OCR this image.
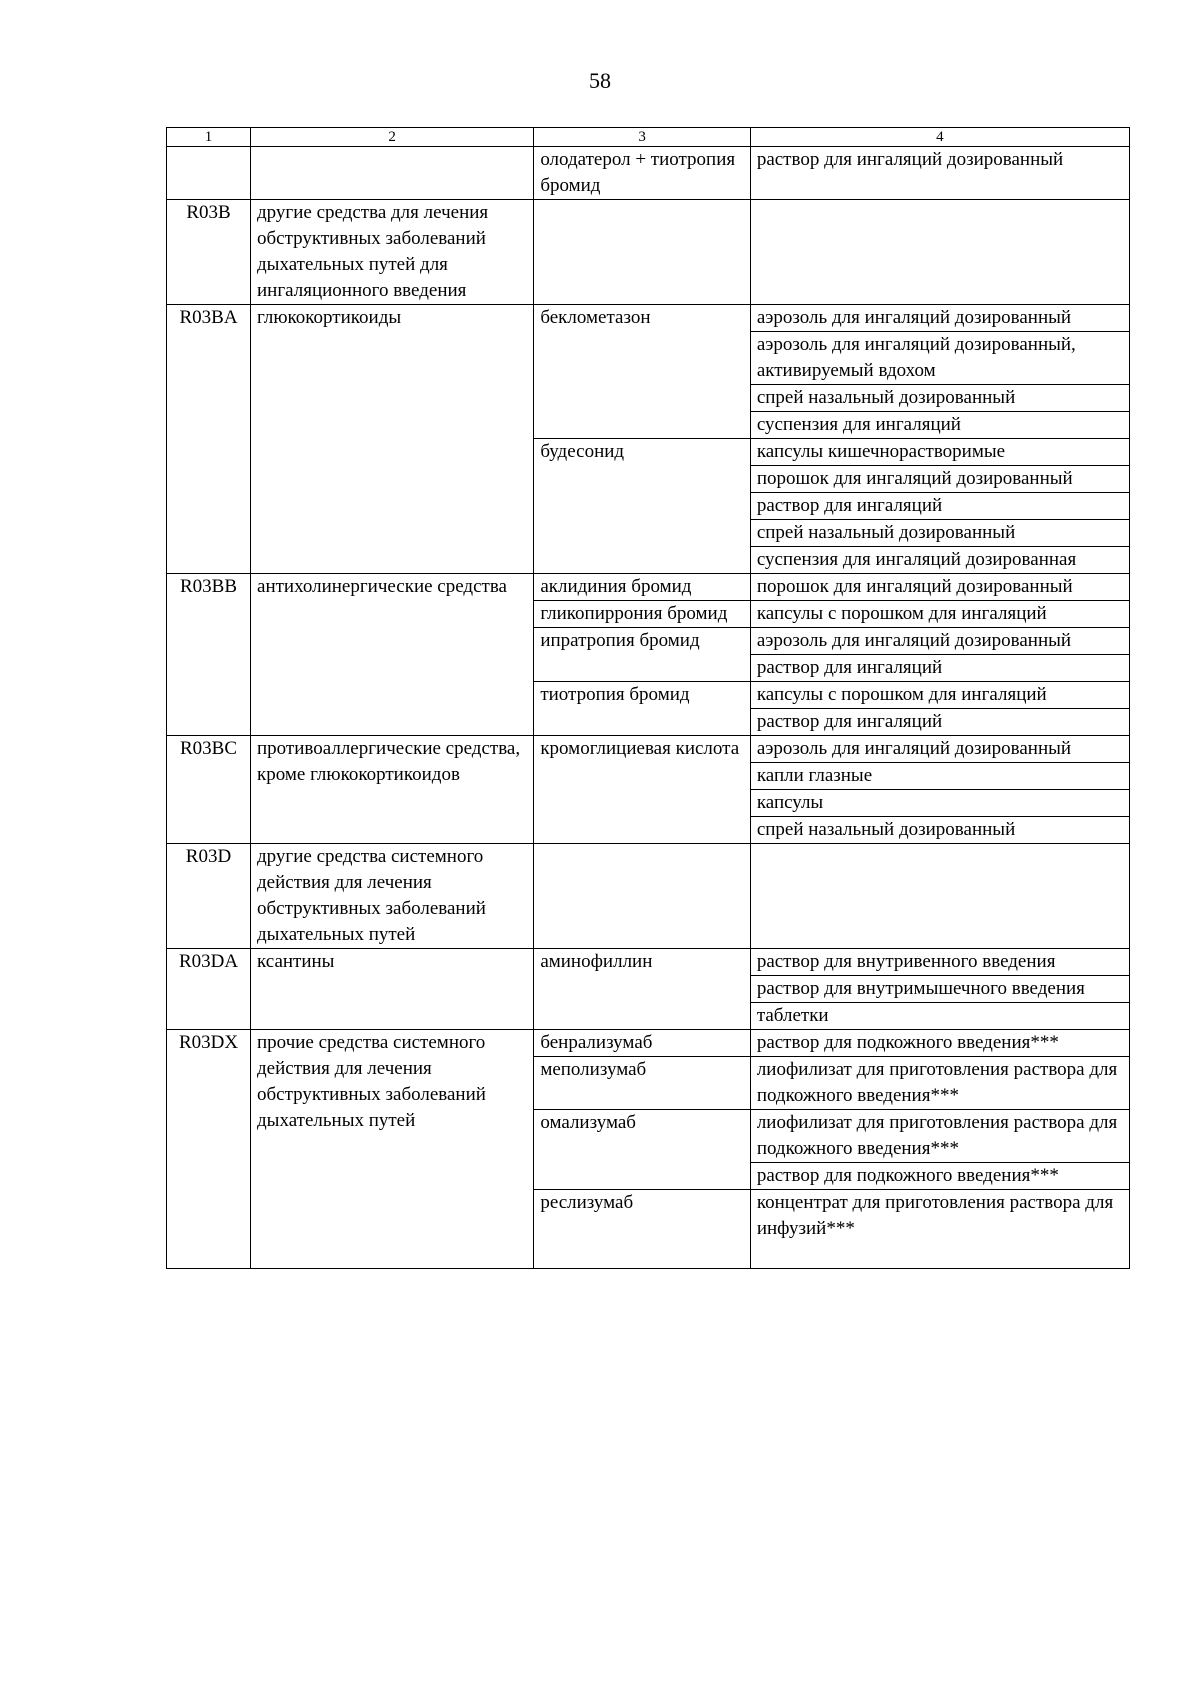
58
1	2	3	4
		олодатерол + тиотропия бромид	раствор для ингаляций дозированный

R03B	другие средства для лечения обструктивных заболеваний дыхательных путей для ингаляционного введения		
R03BA	глюкокортикоиды	беклометазон	аэрозоль для ингаляций дозированный
аэрозоль для ингаляций дозированный, активируемый вдохом
спрей назальный дозированный
суспензия для ингаляций

		будесонид	капсулы кишечнорастворимые
порошок для ингаляций дозированный
раствор для ингаляций
спрей назальный дозированный
суспензия для ингаляций дозированная

R03BB	антихолинергические средства	аклидиния бромид	порошок для ингаляций дозированный

		гликопиррония бромид	капсулы с порошком для ингаляций

		ипратропия бромид	аэрозоль для ингаляций дозированный
раствор для ингаляций

		тиотропия бромид	капсулы с порошком для ингаляций
раствор для ингаляций

R03BC	противоаллергические средства, кроме глюкокортикоидов	кромоглициевая кислота	аэрозоль для ингаляций дозированный
капли глазные
капсулы
спрей назальный дозированный

R03D	другие средства системного действия для лечения обструктивных заболеваний дыхательных путей		
R03DA	ксантины	аминофиллин	раствор для внутривенного введения
раствор для внутримышечного введения
таблетки

R03DX	прочие средства системного действия для лечения обструктивных заболеваний дыхательных путей	бенрализумаб	раствор для подкожного введения***

		меполизумаб	лиофилизат для приготовления раствора для подкожного введения***

		омализумаб	лиофилизат для приготовления раствора для подкожного введения***
раствор для подкожного введения***

		реслизумаб	концентрат для приготовления раствора для инфузий***
